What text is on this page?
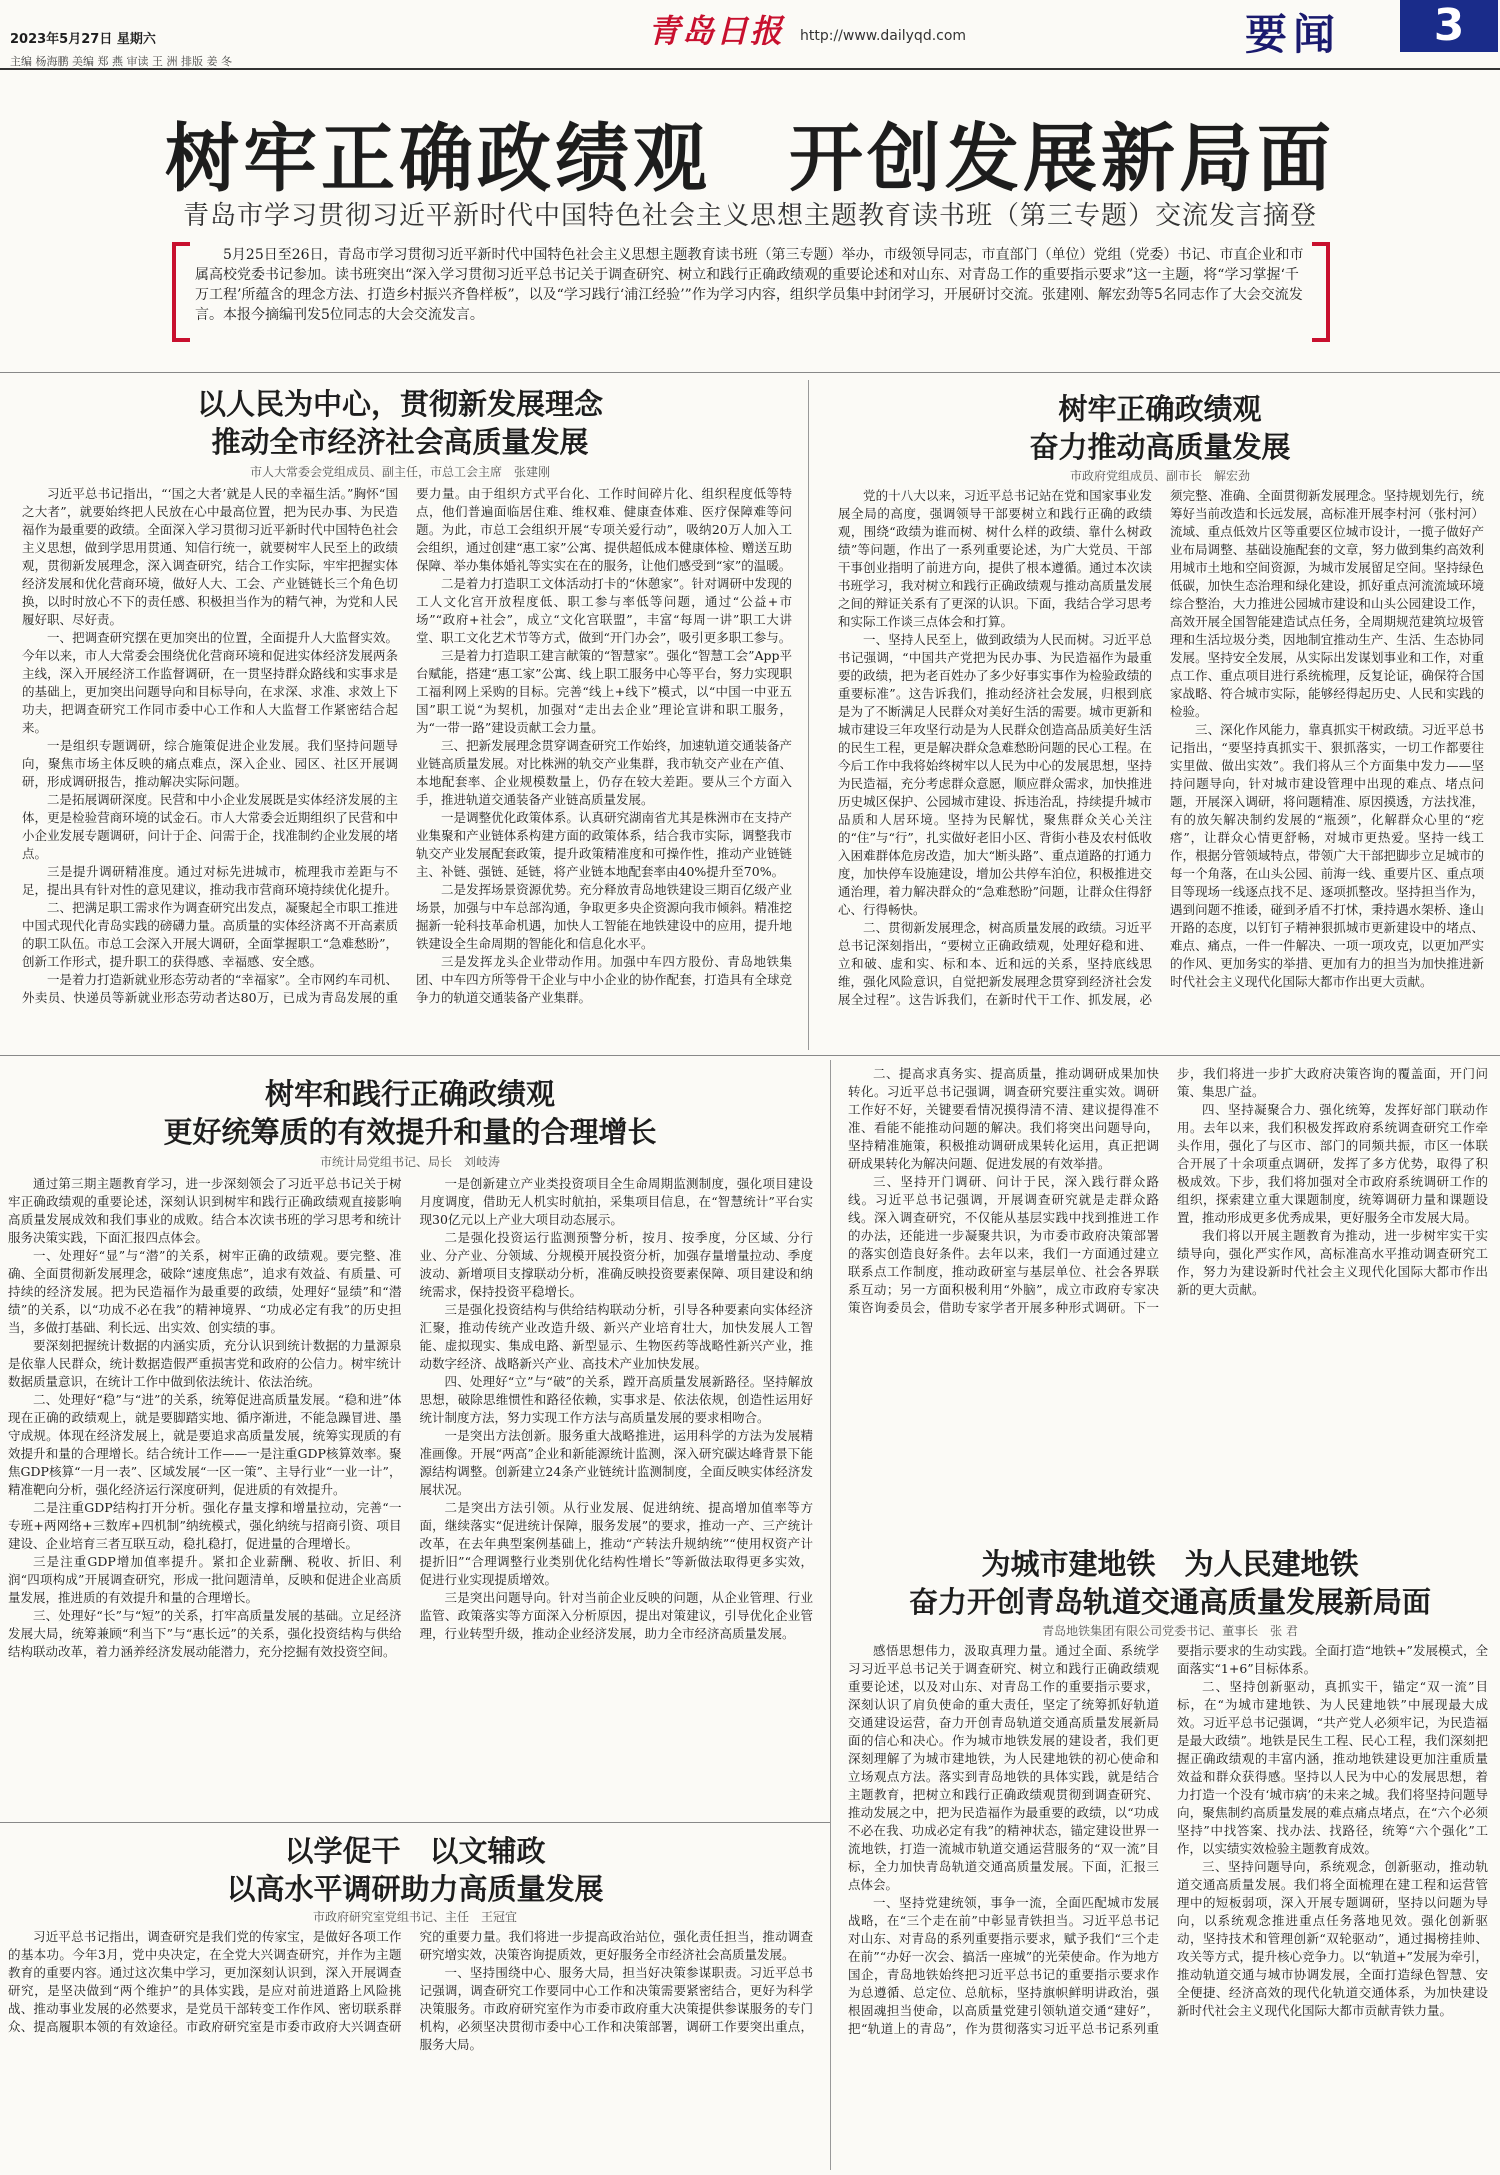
2023年5月27日 星期六
主编 杨海鹏 美编 郑 燕 审读 王 洲 排版 姜 冬
青岛日报 http://www.dailyqd.com	要闻	3
树牢正确政绩观　开创发展新局面
青岛市学习贯彻习近平新时代中国特色社会主义思想主题教育读书班（第三专题）交流发言摘登
5月25日至26日，青岛市学习贯彻习近平新时代中国特色社会主义思想主题教育读书班（第三专题）举办，市级领导同志，市直部门（单位）党组（党委）书记、市直企业和市属高校党委书记参加。读书班突出“深入学习贯彻习近平总书记关于调查研究、树立和践行正确政绩观的重要论述和对山东、对青岛工作的重要指示要求”这一主题，将“学习掌握‘千万工程’所蕴含的理念方法、打造乡村振兴齐鲁样板”，以及“学习践行‘浦江经验’”作为学习内容，组织学员集中封闭学习，开展研讨交流。张建刚、解宏劲等5名同志作了大会交流发言。本报今摘编刊发5位同志的大会交流发言。
以人民为中心，贯彻新发展理念
推动全市经济社会高质量发展
市人大常委会党组成员、副主任，市总工会主席　张建刚

习近平总书记指出，“‘国之大者’就是人民的幸福生活。”胸怀“国之大者”，就要始终把人民放在心中最高位置，把为民办事、为民造福作为最重要的政绩。全面深入学习贯彻习近平新时代中国特色社会主义思想，做到学思用贯通、知信行统一，就要树牢人民至上的政绩观，贯彻新发展理念，深入调查研究，结合工作实际，牢牢把握实体经济发展和优化营商环境，做好人大、工会、产业链链长三个角色切换，以时时放心不下的责任感、积极担当作为的精气神，为党和人民履好职、尽好责。

一、把调查研究摆在更加突出的位置，全面提升人大监督实效。今年以来，市人大常委会围绕优化营商环境和促进实体经济发展两条主线，深入开展经济工作监督调研，在一贯坚持群众路线和实事求是的基础上，更加突出问题导向和目标导向，在求深、求准、求效上下功夫，把调查研究工作同市委中心工作和人大监督工作紧密结合起来。

一是组织专题调研，综合施策促进企业发展。我们坚持问题导向，聚焦市场主体反映的痛点难点，深入企业、园区、社区开展调研，形成调研报告，推动解决实际问题。

二是拓展调研深度。民营和中小企业发展既是实体经济发展的主体，更是检验营商环境的试金石。市人大常委会近期组织了民营和中小企业发展专题调研，问计于企、问需于企，找准制约企业发展的堵点。

三是提升调研精准度。通过对标先进城市，梳理我市差距与不足，提出具有针对性的意见建议，推动我市营商环境持续优化提升。

二、把满足职工需求作为调查研究出发点，凝聚起全市职工推进中国式现代化青岛实践的磅礴力量。高质量的实体经济离不开高素质的职工队伍。市总工会深入开展大调研，全面掌握职工“急难愁盼”，创新工作形式，提升职工的获得感、幸福感、安全感。

一是着力打造新就业形态劳动者的“幸福家”。全市网约车司机、外卖员、快递员等新就业形态劳动者达80万，已成为青岛发展的重要力量。由于组织方式平台化、工作时间碎片化、组织程度低等特点，他们普遍面临居住难、维权难、健康查体难、医疗保障难等问题。为此，市总工会组织开展“专项关爱行动”，吸纳20万人加入工会组织，通过创建“惠工家”公寓、提供超低成本健康体检、赠送互助保障、举办集体婚礼等实实在在的服务，让他们感受到“家”的温暖。

二是着力打造职工文体活动打卡的“休憩家”。针对调研中发现的工人文化宫开放程度低、职工参与率低等问题，通过“公益+市场”“政府+社会”，成立“文化宫联盟”，丰富“每周一讲”职工大讲堂、职工文化艺术节等方式，做到“开门办会”，吸引更多职工参与。

三是着力打造职工建言献策的“智慧家”。强化“智慧工会”App平台赋能，搭建“惠工家”公寓、线上职工服务中心等平台，努力实现职工福利网上采购的目标。完善“线上+线下”模式，以“中国一中亚五国”职工说“为契机，加强对“走出去企业”理论宣讲和职工服务，为“一带一路”建设贡献工会力量。

三、把新发展理念贯穿调查研究工作始终，加速轨道交通装备产业链高质量发展。对比株洲的轨交产业集群，我市轨交产业在产值、本地配套率、企业规模数量上，仍存在较大差距。要从三个方面入手，推进轨道交通装备产业链高质量发展。

一是调整优化政策体系。认真研究湖南省尤其是株洲市在支持产业集聚和产业链体系构建方面的政策体系，结合我市实际，调整我市轨交产业发展配套政策，提升政策精准度和可操作性，推动产业链链主、补链、强链、延链，将产业链本地配套率由40%提升至70%。

二是发挥场景资源优势。充分释放青岛地铁建设三期百亿级产业场景，加强与中车总部沟通，争取更多央企资源向我市倾斜。精准挖掘新一轮科技革命机遇，加快人工智能在地铁建设中的应用，提升地铁建设全生命周期的智能化和信息化水平。

三是发挥龙头企业带动作用。加强中车四方股份、青岛地铁集团、中车四方所等骨干企业与中小企业的协作配套，打造具有全球竞争力的轨道交通装备产业集群。

树牢正确政绩观
奋力推动高质量发展
市政府党组成员、副市长　解宏劲

党的十八大以来，习近平总书记站在党和国家事业发展全局的高度，强调领导干部要树立和践行正确的政绩观，围绕“政绩为谁而树、树什么样的政绩、靠什么树政绩”等问题，作出了一系列重要论述，为广大党员、干部干事创业指明了前进方向，提供了根本遵循。通过本次读书班学习，我对树立和践行正确政绩观与推动高质量发展之间的辩证关系有了更深的认识。下面，我结合学习思考和实际工作谈三点体会和打算。

一、坚持人民至上，做到政绩为人民而树。习近平总书记强调，“中国共产党把为民办事、为民造福作为最重要的政绩，把为老百姓办了多少好事实事作为检验政绩的重要标准”。这告诉我们，推动经济社会发展，归根到底是为了不断满足人民群众对美好生活的需要。城市更新和城市建设三年攻坚行动是为人民群众创造高品质美好生活的民生工程，更是解决群众急难愁盼问题的民心工程。在今后工作中我将始终树牢以人民为中心的发展思想，坚持为民造福，充分考虑群众意愿，顺应群众需求，加快推进历史城区保护、公园城市建设、拆违治乱，持续提升城市品质和人居环境。坚持为民解忧，聚焦群众关心关注的“住”与“行”，扎实做好老旧小区、背街小巷及农村低收入困难群体危房改造，加大“断头路”、重点道路的打通力度，加快停车设施建设，增加公共停车泊位，积极推进交通治理，着力解决群众的“急难愁盼”问题，让群众住得舒心、行得畅快。

二、贯彻新发展理念，树高质量发展的政绩。习近平总书记深刻指出，“要树立正确政绩观，处理好稳和进、立和破、虚和实、标和本、近和远的关系，坚持底线思维，强化风险意识，自觉把新发展理念贯穿到经济社会发展全过程”。这告诉我们，在新时代干工作、抓发展，必须完整、准确、全面贯彻新发展理念。坚持规划先行，统筹好当前改造和长远发展，高标准开展李村河（张村河）流域、重点低效片区等重要区位城市设计，一揽子做好产业布局调整、基础设施配套的文章，努力做到集约高效利用城市土地和空间资源，为城市发展留足空间。坚持绿色低碳，加快生态治理和绿化建设，抓好重点河流流域环境综合整治，大力推进公园城市建设和山头公园建设工作，高效开展全国智能建造试点任务，全周期规范建筑垃圾管理和生活垃圾分类，因地制宜推动生产、生活、生态协同发展。坚持安全发展，从实际出发谋划事业和工作，对重点工作、重点项目进行系统梳理，反复论证，确保符合国家战略、符合城市实际，能够经得起历史、人民和实践的检验。

三、深化作风能力，靠真抓实干树政绩。习近平总书记指出，“要坚持真抓实干、狠抓落实，一切工作都要往实里做、做出实效”。我们将从三个方面集中发力——坚持问题导向，针对城市建设管理中出现的难点、堵点问题，开展深入调研，将问题精准、原因摸透，方法找准，有的放矢解决制约发展的“瓶颈”，化解群众心里的“疙瘩”，让群众心情更舒畅，对城市更热爱。坚持一线工作，根据分管领域特点，带领广大干部把脚步立足城市的每一个角落，在山头公园、前海一线、重要片区、重点项目等现场一线逐点找不足、逐项抓整改。坚持担当作为，遇到问题不推诿，碰到矛盾不打怵，秉持遇水架桥、逢山开路的态度，以钉钉子精神狠抓城市更新建设中的堵点、难点、痛点，一件一件解决、一项一项攻克，以更加严实的作风、更加务实的举措、更加有力的担当为加快推进新时代社会主义现代化国际大都市作出更大贡献。

树牢和践行正确政绩观
更好统筹质的有效提升和量的合理增长
市统计局党组书记、局长　刘岐涛

通过第三期主题教育学习，进一步深刻领会了习近平总书记关于树牢正确政绩观的重要论述，深刻认识到树牢和践行正确政绩观直接影响高质量发展成效和我们事业的成败。结合本次读书班的学习思考和统计服务决策实践，下面汇报四点体会。

一、处理好“显”与“潜”的关系，树牢正确的政绩观。要完整、准确、全面贯彻新发展理念，破除“速度焦虑”，追求有效益、有质量、可持续的经济发展。把为民造福作为最重要的政绩，处理好“显绩”和“潜绩”的关系，以“功成不必在我”的精神境界、“功成必定有我”的历史担当，多做打基础、利长远、出实效、创实绩的事。

要深刻把握统计数据的内涵实质，充分认识到统计数据的力量源泉是依靠人民群众，统计数据造假严重损害党和政府的公信力。树牢统计数据质量意识，在统计工作中做到依法统计、依法治统。

二、处理好“稳”与“进”的关系，统筹促进高质量发展。“稳和进”体现在正确的政绩观上，就是要脚踏实地、循序渐进，不能急躁冒进、墨守成规。体现在经济发展上，就是要追求高质量发展，统筹实现质的有效提升和量的合理增长。结合统计工作——一是注重GDP核算效率。聚焦GDP核算“一月一表”、区域发展“一区一策”、主导行业“一业一计”，精准靶向分析，强化经济运行深度研判，促进质的有效提升。

二是注重GDP结构打开分析。强化存量支撑和增量拉动，完善“一专班+两网络+三数库+四机制”纳统模式，强化纳统与招商引资、项目建设、企业培育三者互联互动，稳扎稳打，促进量的合理增长。

三是注重GDP增加值率提升。紧扣企业薪酬、税收、折旧、利润“四项构成”开展调查研究，形成一批问题清单，反映和促进企业高质量发展，推进质的有效提升和量的合理增长。

三、处理好“长”与“短”的关系，打牢高质量发展的基础。立足经济发展大局，统筹兼顾“利当下”与“惠长远”的关系，强化投资结构与供给结构联动改革，着力涵养经济发展动能潜力，充分挖掘有效投资空间。

一是创新建立产业类投资项目全生命周期监测制度，强化项目建设月度调度，借助无人机实时航拍，采集项目信息，在“智慧统计”平台实现30亿元以上产业大项目动态展示。

二是强化投资运行监测预警分析，按月、按季度，分区域、分行业、分产业、分领域、分规模开展投资分析，加强存量增量拉动、季度波动、新增项目支撑联动分析，准确反映投资要素保障、项目建设和纳统需求，保持投资平稳增长。

三是强化投资结构与供给结构联动分析，引导各种要素向实体经济汇聚，推动传统产业改造升级、新兴产业培育壮大，加快发展人工智能、虚拟现实、集成电路、新型显示、生物医药等战略性新兴产业，推动数字经济、战略新兴产业、高技术产业加快发展。

四、处理好“立”与“破”的关系，蹚开高质量发展新路径。坚持解放思想，破除思维惯性和路径依赖，实事求是、依法依规，创造性运用好统计制度方法，努力实现工作方法与高质量发展的要求相吻合。

一是突出方法创新。服务重大战略推进，运用科学的方法为发展精准画像。开展“两高”企业和新能源统计监测，深入研究碳达峰背景下能源结构调整。创新建立24条产业链统计监测制度，全面反映实体经济发展状况。

二是突出方法引领。从行业发展、促进纳统、提高增加值率等方面，继续落实“促进统计保障，服务发展”的要求，推动一产、三产统计改革，在去年典型案例基础上，推动“产转法升规纳统”“使用权资产计提折旧”“合理调整行业类别优化结构性增长”等新做法取得更多实效，促进行业实现提质增效。

三是突出问题导向。针对当前企业反映的问题，从企业管理、行业监管、政策落实等方面深入分析原因，提出对策建议，引导优化企业管理，行业转型升级，推动企业经济发展，助力全市经济高质量发展。

以学促干　以文辅政
以高水平调研助力高质量发展
市政府研究室党组书记、主任　王冠宜

习近平总书记指出，调查研究是我们党的传家宝，是做好各项工作的基本功。今年3月，党中央决定，在全党大兴调查研究，并作为主题教育的重要内容。通过这次集中学习，更加深刻认识到，深入开展调查研究，是坚决做到“两个维护”的具体实践，是应对前进道路上风险挑战、推动事业发展的必然要求，是党员干部转变工作作风、密切联系群众、提高履职本领的有效途径。市政府研究室是市委市政府大兴调查研究的重要力量。我们将进一步提高政治站位，强化责任担当，推动调查研究增实效，决策咨询提质效，更好服务全市经济社会高质量发展。

一、坚持围绕中心、服务大局，担当好决策参谋职责。习近平总书记强调，调查研究工作要同中心工作和决策需要紧密结合，更好为科学决策服务。市政府研究室作为市委市政府重大决策提供参谋服务的专门机构，必须坚决贯彻市委中心工作和决策部署，调研工作要突出重点，服务大局。

为城市建地铁　为人民建地铁
奋力开创青岛轨道交通高质量发展新局面
青岛地铁集团有限公司党委书记、董事长　张 君

感悟思想伟力，汲取真理力量。通过全面、系统学习习近平总书记关于调查研究、树立和践行正确政绩观重要论述，以及对山东、对青岛工作的重要指示要求，深刻认识了肩负使命的重大责任，坚定了统筹抓好轨道交通建设运营，奋力开创青岛轨道交通高质量发展新局面的信心和决心。作为城市地铁发展的建设者，我们更深刻理解了为城市建地铁，为人民建地铁的初心使命和立场观点方法。落实到青岛地铁的具体实践，就是结合主题教育，把树立和践行正确政绩观贯彻到调查研究、推动发展之中，把为民造福作为最重要的政绩，以“功成不必在我、功成必定有我”的精神状态，锚定建设世界一流地铁，打造一流城市轨道交通运营服务的“双一流”目标，全力加快青岛轨道交通高质量发展。下面，汇报三点体会。

一、坚持党建统领，事争一流，全面匹配城市发展战略，在“三个走在前”中彰显青铁担当。习近平总书记对山东、对青岛的系列重要指示要求，赋予我们“三个走在前”“办好一次会、搞活一座城”的光荣使命。作为地方国企，青岛地铁始终把习近平总书记的重要指示要求作为总遵循、总定位、总航标，坚持旗帜鲜明讲政治，强根固魂担当使命，以高质量党建引领轨道交通“建好”，把“轨道上的青岛”，作为贯彻落实习近平总书记系列重要指示要求的生动实践。全面打造“地铁+”发展模式，全面落实“1+6”目标体系。

二、坚持创新驱动，真抓实干，锚定“双一流”目标，在“为城市建地铁、为人民建地铁”中展现最大成效。习近平总书记强调，“共产党人必须牢记，为民造福是最大政绩”。地铁是民生工程、民心工程，我们深刻把握正确政绩观的丰富内涵，推动地铁建设更加注重质量效益和群众获得感。坚持以人民为中心的发展思想，着力打造一个没有‘城市病’的未来之城。我们将坚持问题导向，聚焦制约高质量发展的难点痛点堵点，在“六个必须坚持”中找答案、找办法、找路径，统筹“六个强化”工作，以实绩实效检验主题教育成效。

三、坚持问题导向，系统观念，创新驱动，推动轨道交通高质量发展。我们将全面梳理在建工程和运营管理中的短板弱项，深入开展专题调研，坚持以问题为导向，以系统观念推进重点任务落地见效。强化创新驱动，坚持技术和管理创新“双轮驱动”，通过揭榜挂帅、攻关等方式，提升核心竞争力。以“轨道+”发展为牵引，推动轨道交通与城市协调发展，全面打造绿色智慧、安全便捷、经济高效的现代化轨道交通体系，为加快建设新时代社会主义现代化国际大都市贡献青铁力量。

二、提高求真务实、提高质量，推动调研成果加快转化。习近平总书记强调，调查研究要注重实效。调研工作好不好，关键要看情况摸得清不清、建议提得准不准、看能不能推动问题的解决。我们将突出问题导向，坚持精准施策，积极推动调研成果转化运用，真正把调研成果转化为解决问题、促进发展的有效举措。

三、坚持开门调研、问计于民，深入践行群众路线。习近平总书记强调，开展调查研究就是走群众路线。深入调查研究，不仅能从基层实践中找到推进工作的办法，还能进一步凝聚共识，为市委市政府决策部署的落实创造良好条件。去年以来，我们一方面通过建立联系点工作制度，推动政研室与基层单位、社会各界联系互动；另一方面积极利用“外脑”，成立市政府专家决策咨询委员会，借助专家学者开展多种形式调研。下一步，我们将进一步扩大政府决策咨询的覆盖面，开门问策、集思广益。

四、坚持凝聚合力、强化统筹，发挥好部门联动作用。去年以来，我们积极发挥政府系统调查研究工作牵头作用，强化了与区市、部门的同频共振，市区一体联合开展了十余项重点调研，发挥了多方优势，取得了积极成效。下步，我们将加强对全市政府系统调研工作的组织，探索建立重大课题制度，统筹调研力量和课题设置，推动形成更多优秀成果，更好服务全市发展大局。

我们将以开展主题教育为推动，进一步树牢实干实绩导向，强化严实作风，高标准高水平推动调查研究工作，努力为建设新时代社会主义现代化国际大都市作出新的更大贡献。
